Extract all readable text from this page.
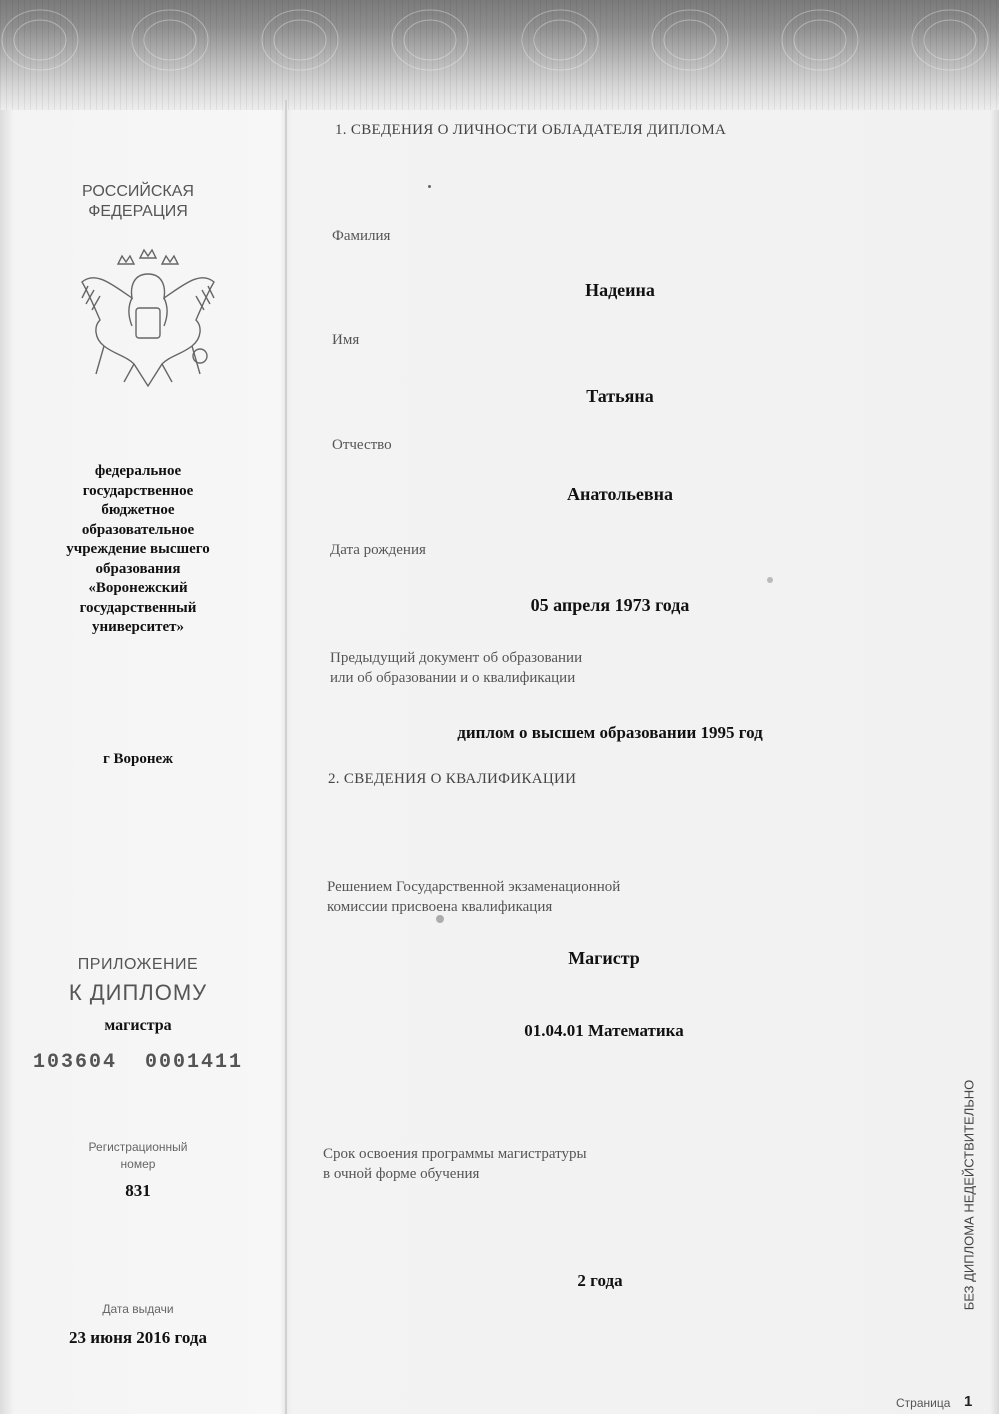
РОССИЙСКАЯ ФЕДЕРАЦИЯ
федеральное государственное бюджетное образовательное учреждение высшего образования «Воронежский государственный университет»
г Воронеж
ПРИЛОЖЕНИЕ
К ДИПЛОМУ
магистра
103604  0001411
Регистрационный номер
831
Дата выдачи
23 июня 2016 года
1. СВЕДЕНИЯ О ЛИЧНОСТИ ОБЛАДАТЕЛЯ ДИПЛОМА
Фамилия
Надеина
Имя
Татьяна
Отчество
Анатольевна
Дата рождения
05 апреля 1973 года
Предыдущий документ об образовании
или об образовании и о квалификации
диплом о высшем образовании 1995 год
2. СВЕДЕНИЯ О КВАЛИФИКАЦИИ
Решением Государственной экзаменационной
комиссии присвоена квалификация
Магистр
01.04.01 Математика
Срок освоения программы магистратуры
в очной форме обучения
2 года	БЕЗ ДИПЛОМА НЕДЕЙСТВИТЕЛЬНО
Страница 1
